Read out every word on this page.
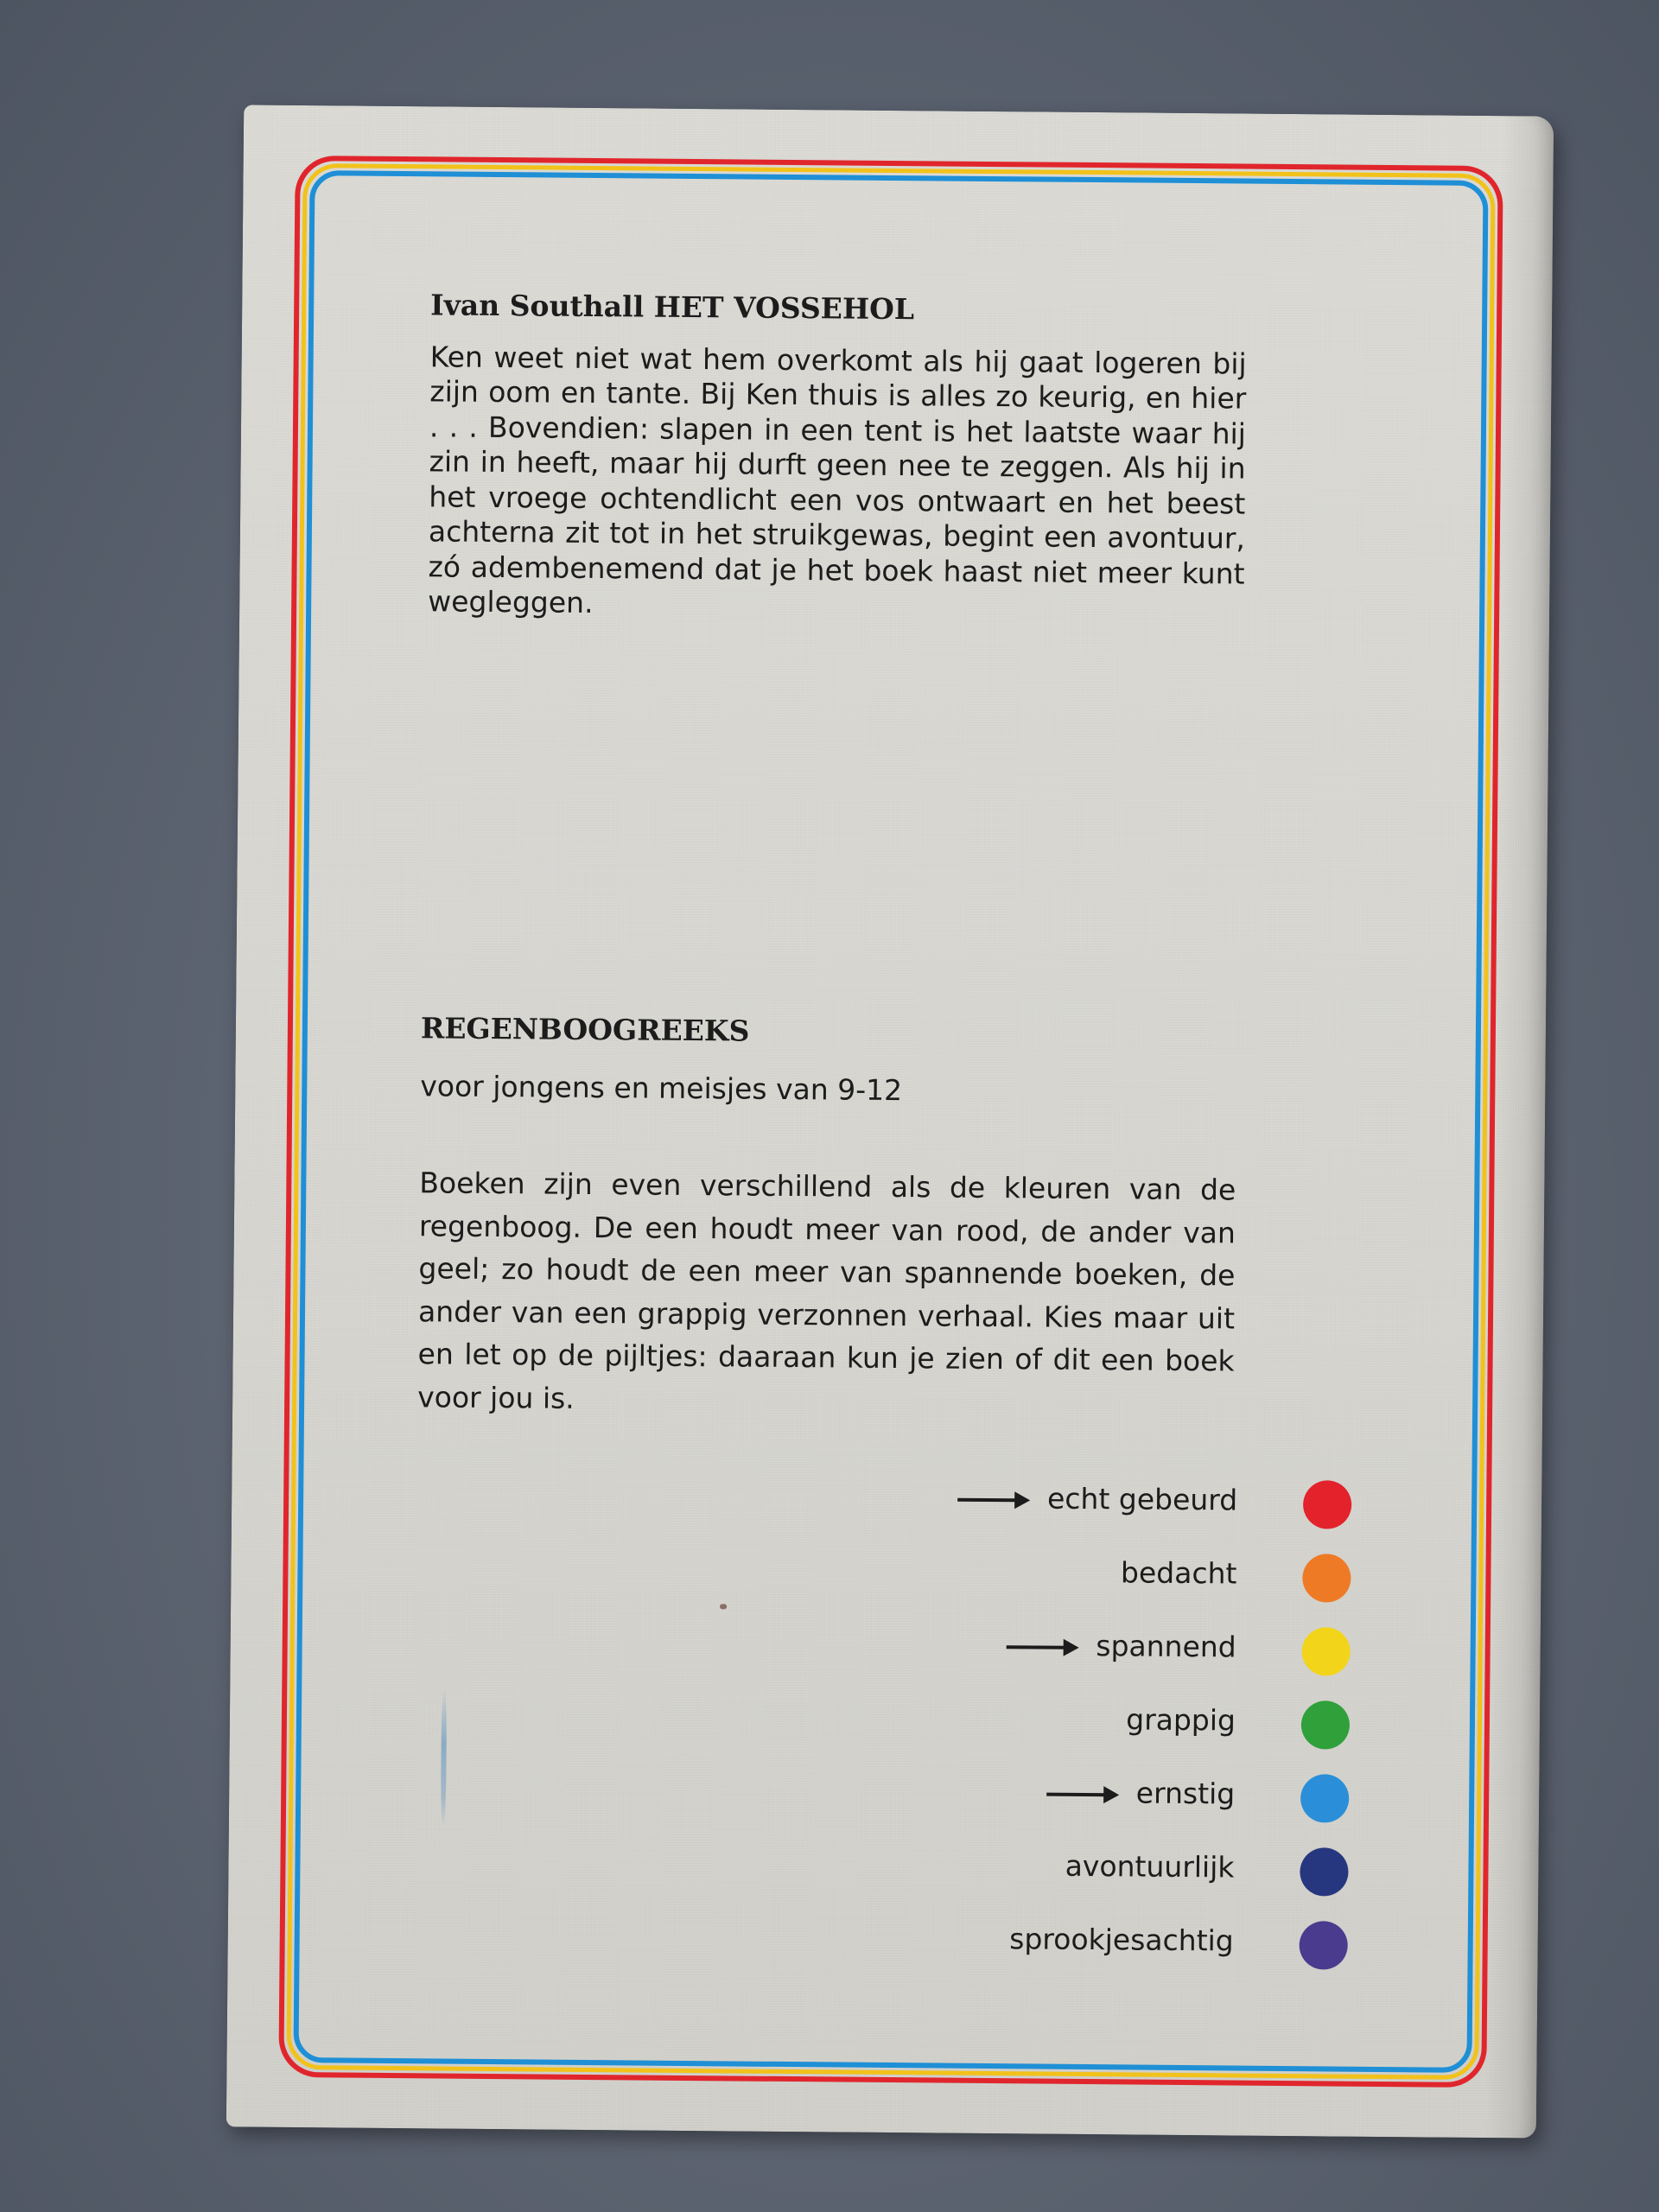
Ivan Southall HET VOSSEHOL

Ken weet niet wat hem overkomt als hij gaat logeren bij zijn oom en tante. Bij Ken thuis is alles zo keurig, en hier . . . Bovendien: slapen in een tent is het laatste waar hij zin in heeft, maar hij durft geen nee te zeggen. Als hij in het vroege ochtendlicht een vos ontwaart en het beest achterna zit tot in het struikgewas, begint een avontuur, zó adembenemend dat je het boek haast niet meer kunt wegleggen.

REGENBOOGREEKS
voor jongens en meisjes van 9-12

Boeken zijn even verschillend als de kleuren van de regenboog. De een houdt meer van rood, de ander van geel; zo houdt de een meer van spannende boeken, de ander van een grappig verzonnen verhaal. Kies maar uit en let op de pijltjes: daaraan kun je zien of dit een boek voor jou is.

echt gebeurd
bedacht
spannend
grappig
ernstig
avontuurlijk
sprookjesachtig
